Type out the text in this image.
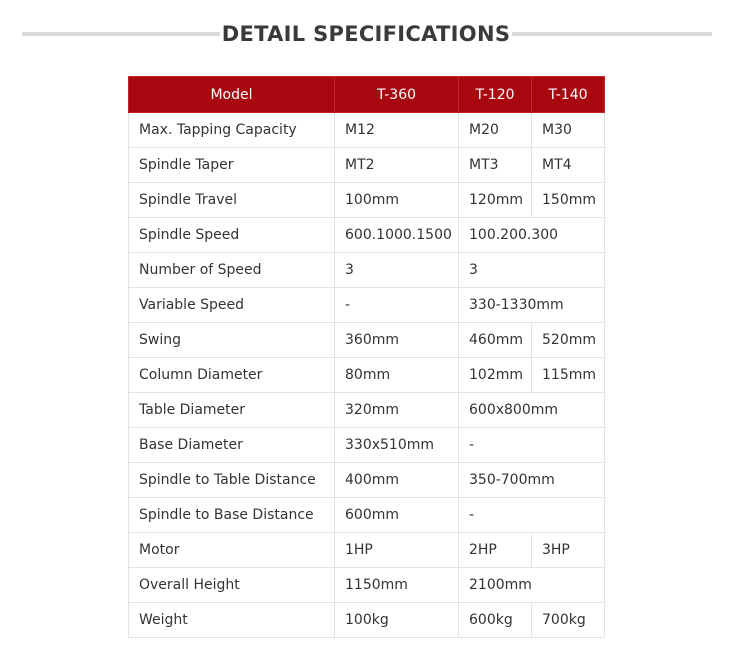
DETAIL SPECIFICATIONS
Model	T-360	T-120	T-140
Max. Tapping Capacity	M12	M20	M30
Spindle Taper	MT2	MT3	MT4
Spindle Travel	100mm	120mm	150mm
Spindle Speed	600.1000.1500	100.200.300	
Number of Speed	3	3	
Variable Speed	-	330-1330mm	
Swing	360mm	460mm	520mm
Column Diameter	80mm	102mm	115mm
Table Diameter	320mm	600x800mm	
Base Diameter	330x510mm	-	
Spindle to Table Distance	400mm	350-700mm	
Spindle to Base Distance	600mm	-	
Motor	1HP	2HP	3HP
Overall Height	1150mm	2100mm	
Weight	100kg	600kg	700kg
